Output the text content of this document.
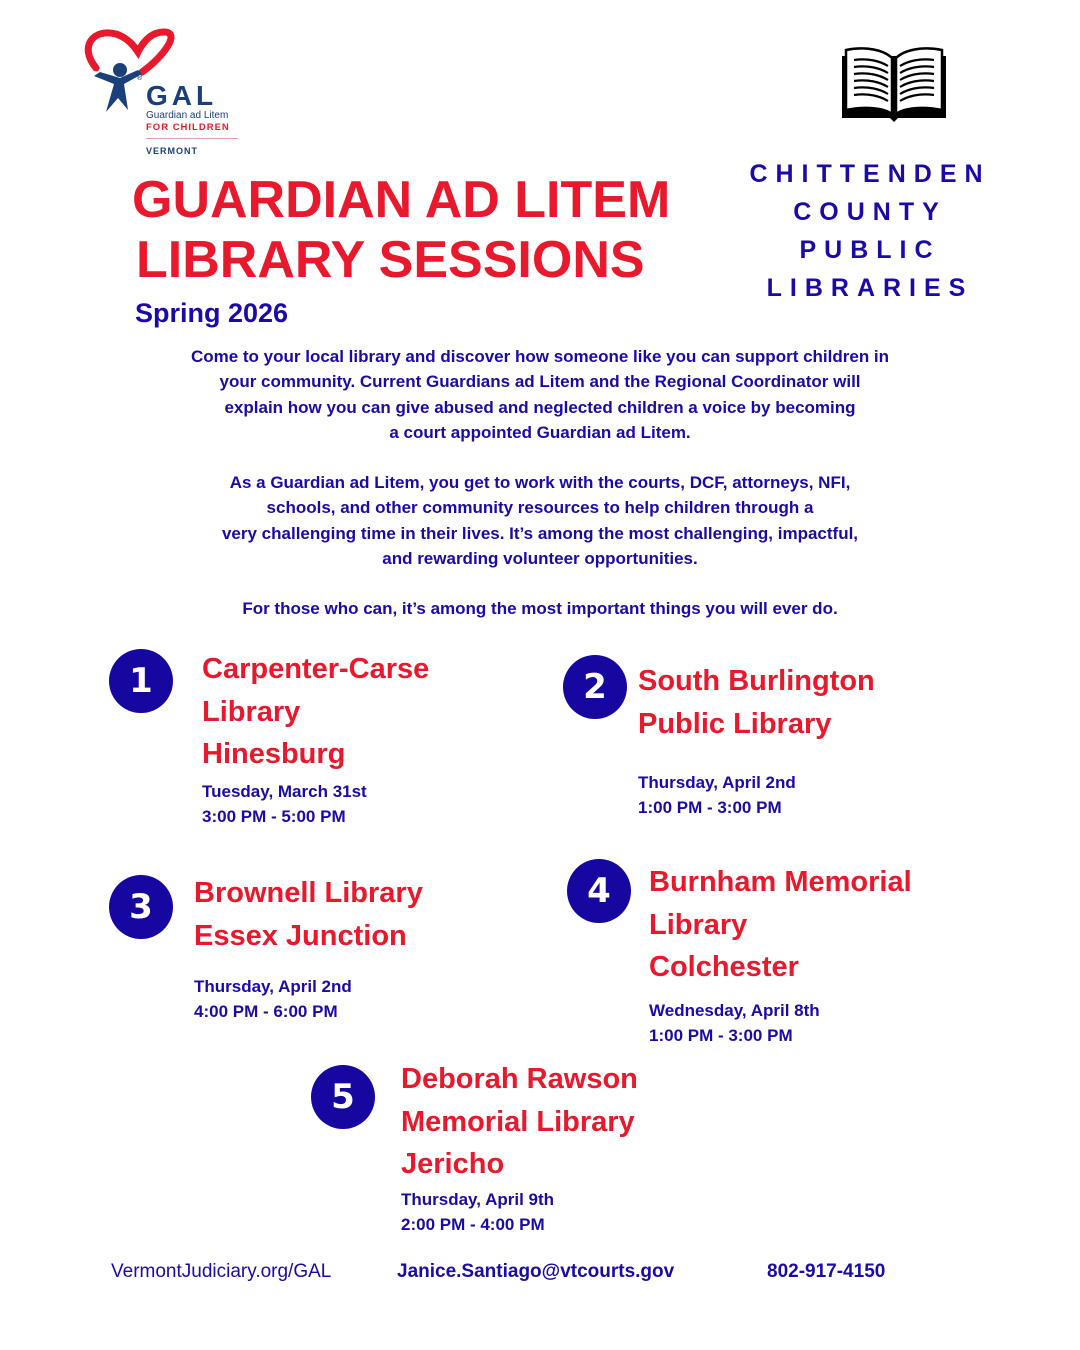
®
GAL
Guardian ad Litem
FOR CHILDREN
VERMONT
GUARDIAN AD LITEM
LIBRARY SESSIONS
Spring 2026
CHITTENDEN
COUNTY
PUBLIC
LIBRARIES

Come to your local library and discover how someone like you can support children in

your community. Current Guardians ad Litem and the Regional Coordinator will

explain how you can give abused and neglected children a voice by becoming

a court appointed Guardian ad Litem.

As a Guardian ad Litem, you get to work with the courts, DCF, attorneys, NFI,

schools, and other community resources to help children through a

very challenging time in their lives. It’s among the most challenging, impactful,

and rewarding volunteer opportunities.

For those who can, it’s among the most important things you will ever do.

1	Carpenter-Carse
Library
Hinesburg
Tuesday, March 31st
3:00 PM - 5:00 PM
2	South Burlington
Public Library
Thursday, April 2nd
1:00 PM - 3:00 PM
3	Brownell Library
Essex Junction
Thursday, April 2nd
4:00 PM - 6:00 PM
4	Burnham Memorial
Library
Colchester
Wednesday, April 8th
1:00 PM - 3:00 PM
5	Deborah Rawson
Memorial Library
Jericho
Thursday, April 9th
2:00 PM - 4:00 PM
VermontJudiciary.org/GAL	Janice.Santiago@vtcourts.gov	802-917-4150
